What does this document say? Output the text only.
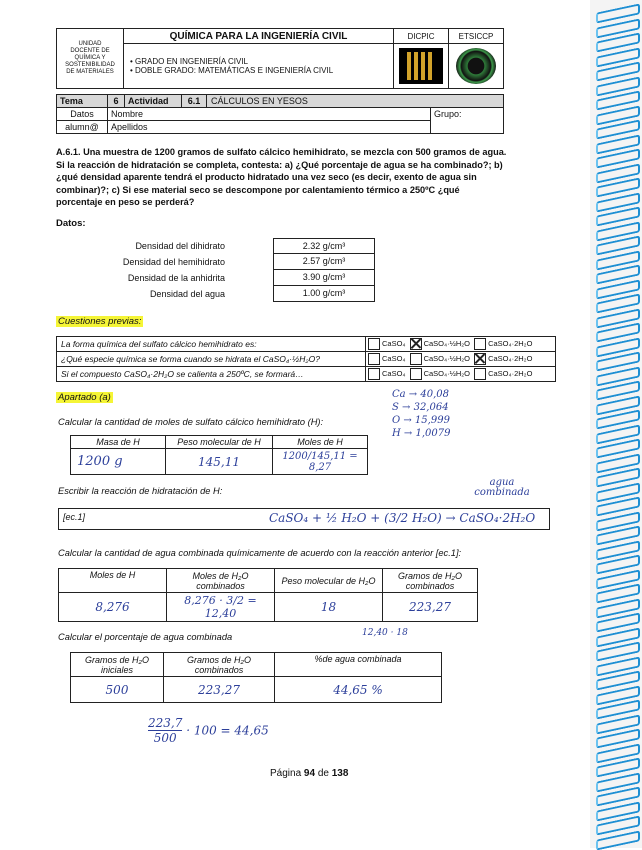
UNIDAD
DOCENTE DE
QUÍMICA Y
SOSTENIBILIDAD
DE MATERIALES	QUÍMICA PARA LA INGENIERÍA CIVIL	DICPIC	ETSICCP

	• GRADO EN INGENIERÍA CIVIL
• DOBLE GRADO: MATEMÁTICAS E INGENIERÍA CIVIL		

Tema	6	Actividad	6.1	CÁLCULOS EN YESOS	
Datos	Nombre				Grupo:
alumn@	Apellidos				
A.6.1. Una muestra de 1200 gramos de sulfato cálcico hemihidrato, se mezcla con 500 gramos de agua. Si la reacción de hidratación se completa, contesta: a) ¿Qué porcentaje de agua se ha combinado?; b) ¿qué densidad aparente tendrá el producto hidratado una vez seco (es decir, exento de agua sin combinar)?; c) Si ese material seco se descompone por calentamiento térmico a 250ºC ¿qué porcentaje en peso se perderá?
Datos:
Densidad del dihidrato	2.32 g/cm³
Densidad del hemihidrato	2.57 g/cm³
Densidad de la anhidrita	3.90 g/cm³
Densidad del agua	1.00 g/cm³
Cuestiones previas:
La forma química del sulfato cálcico hemihidrato es:	CaSO₄ CaSO₄·½H₂O CaSO₄·2H₂O
¿Qué especie química se forma cuando se hidrata el CaSO₄·½H₂O?	CaSO₄ CaSO₄·½H₂O CaSO₄·2H₂O
Si el compuesto CaSO₄·2H₂O se calienta a 250ºC, se formará…	CaSO₄ CaSO₄·½H₂O CaSO₄·2H₂O
Apartado (a)	Ca → 40,08
S → 32,064
O → 15,999
H → 1,0079
Calcular la cantidad de moles de sulfato cálcico hemihidrato (H):
Masa de H	Peso molecular de H	Moles de H
1200 g	145,11	1200/145,11 = 8,27
Escribir la reacción de hidratación de H:
agua combinada
[ec.1]	CaSO₄ + ½ H₂O + (3/2 H₂O) → CaSO₄·2H₂O
Calcular la cantidad de agua combinada químicamente de acuerdo con la reacción anterior [ec.1]:
Moles de H	Moles de H₂O combinados	Peso molecular de H₂O	Gramos de H₂O combinados
8,276	8,276 · 3/2 = 12,40	18	223,27
12,40 · 18
Calcular el porcentaje de agua combinada
Gramos de H₂O iniciales	Gramos de H₂O combinados	%de agua combinada
500	223,27	44,65 %
$\frac{223,7}{500} \cdot 100 = 44,65$
Página 94 de 138
